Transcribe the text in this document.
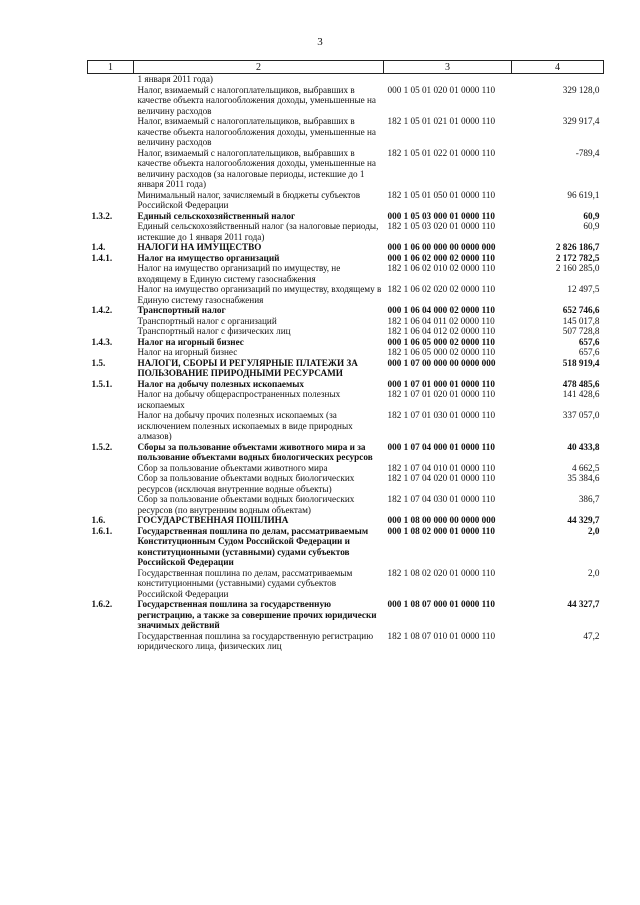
3
1	2	3	4
	1 января 2011 года)		
	Налог, взимаемый с налогоплательщиков, выбравших в качестве объекта налогообложения доходы, уменьшенные на величину расходов	000 1 05 01 020 01 0000 110	329 128,0
	Налог, взимаемый с налогоплательщиков, выбравших в качестве объекта налогообложения доходы, уменьшенные на величину расходов	182 1 05 01 021 01 0000 110	329 917,4
	Налог, взимаемый с налогоплательщиков, выбравших в качестве объекта налогообложения доходы, уменьшенные на величину расходов (за налоговые периоды, истекшие до 1 января 2011 года)	182 1 05 01 022 01 0000 110	-789,4
	Минимальный налог, зачисляемый в бюджеты субъектов Российской Федерации	182 1 05 01 050 01 0000 110	96 619,1
1.3.2.	Единый сельскохозяйственный налог	000 1 05 03 000 01 0000 110	60,9
	Единый сельскохозяйственный налог (за налоговые периоды, истекшие до 1 января 2011 года)	182 1 05 03 020 01 0000 110	60,9
1.4.	НАЛОГИ НА ИМУЩЕСТВО	000 1 06 00 000 00 0000 000	2 826 186,7
1.4.1.	Налог на имущество организаций	000 1 06 02 000 02 0000 110	2 172 782,5
	Налог на имущество организаций по имуществу, не входящему в Единую систему газоснабжения	182 1 06 02 010 02 0000 110	2 160 285,0
	Налог на имущество организаций по имуществу, входящему в Единую систему газоснабжения	182 1 06 02 020 02 0000 110	12 497,5
1.4.2.	Транспортный налог	000 1 06 04 000 02 0000 110	652 746,6
	Транспортный налог с организаций	182 1 06 04 011 02 0000 110	145 017,8
	Транспортный налог с физических лиц	182 1 06 04 012 02 0000 110	507 728,8
1.4.3.	Налог на игорный бизнес	000 1 06 05 000 02 0000 110	657,6
	Налог на игорный бизнес	182 1 06 05 000 02 0000 110	657,6
1.5.	НАЛОГИ, СБОРЫ И РЕГУЛЯРНЫЕ ПЛАТЕЖИ ЗА ПОЛЬЗОВАНИЕ ПРИРОДНЫМИ РЕСУРСАМИ	000 1 07 00 000 00 0000 000	518 919,4
1.5.1.	Налог на добычу полезных ископаемых	000 1 07 01 000 01 0000 110	478 485,6
	Налог на добычу общераспространенных полезных ископаемых	182 1 07 01 020 01 0000 110	141 428,6
	Налог на добычу прочих полезных ископаемых (за исключением полезных ископаемых в виде природных алмазов)	182 1 07 01 030 01 0000 110	337 057,0
1.5.2.	Сборы за пользование объектами животного мира и за пользование объектами водных биологических ресурсов	000 1 07 04 000 01 0000 110	40 433,8
	Сбор за пользование объектами животного мира	182 1 07 04 010 01 0000 110	4 662,5
	Сбор за пользование объектами водных биологических ресурсов (исключая внутренние водные объекты)	182 1 07 04 020 01 0000 110	35 384,6
	Сбор за пользование объектами водных биологических ресурсов (по внутренним водным объектам)	182 1 07 04 030 01 0000 110	386,7
1.6.	ГОСУДАРСТВЕННАЯ ПОШЛИНА	000 1 08 00 000 00 0000 000	44 329,7
1.6.1.	Государственная пошлина по делам, рассматриваемым Конституционным Судом Российской Федерации и конституционными (уставными) судами субъектов Российской Федерации	000 1 08 02 000 01 0000 110	2,0
	Государственная пошлина по делам, рассматриваемым конституционными (уставными) судами субъектов Российской Федерации	182 1 08 02 020 01 0000 110	2,0
1.6.2.	Государственная пошлина за государственную регистрацию, а также за совершение прочих юридически значимых действий	000 1 08 07 000 01 0000 110	44 327,7
	Государственная пошлина за государственную регистрацию юридического лица, физических лиц	182 1 08 07 010 01 0000 110	47,2
